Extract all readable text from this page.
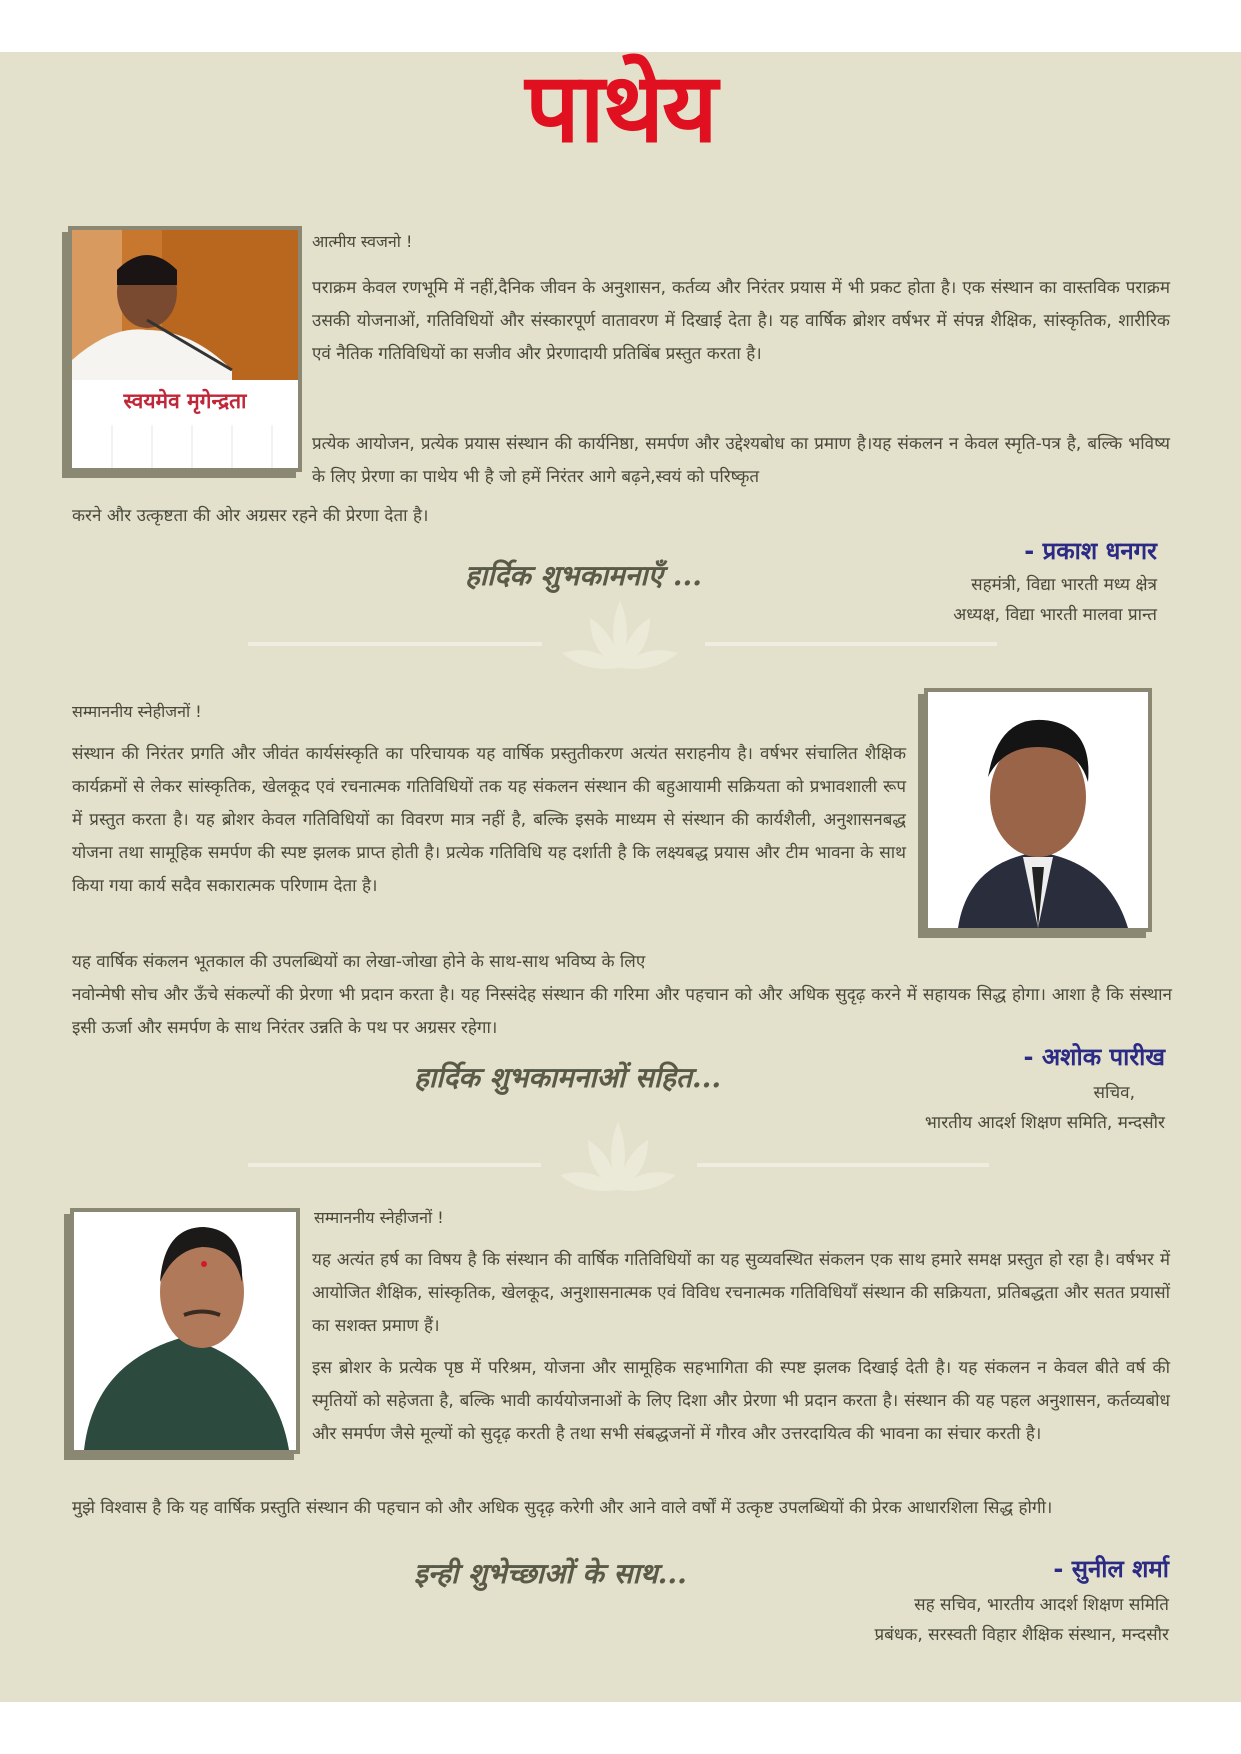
पाथेय
स्वयमेव मृगेन्द्रता
आत्मीय स्वजनो !
पराक्रम केवल रणभूमि में नहीं,दैनिक जीवन के अनुशासन, कर्तव्य और निरंतर प्रयास में भी प्रकट होता है। एक संस्थान का वास्तविक पराक्रम उसकी योजनाओं, गतिविधियों और संस्कारपूर्ण वातावरण में दिखाई देता है। यह वार्षिक ब्रोशर वर्षभर में संपन्न शैक्षिक, सांस्कृतिक, शारीरिक एवं नैतिक गतिविधियों का सजीव और प्रेरणादायी प्रतिबिंब प्रस्तुत करता है।
प्रत्येक आयोजन, प्रत्येक प्रयास संस्थान की कार्यनिष्ठा, समर्पण और उद्देश्यबोध का प्रमाण है।यह संकलन न केवल स्मृति-पत्र है, बल्कि भविष्य के लिए प्रेरणा का पाथेय भी है जो हमें निरंतर आगे बढ़ने,स्वयं को परिष्कृत
करने और उत्कृष्टता की ओर अग्रसर रहने की प्रेरणा देता है।
हार्दिक शुभकामनाएँ ...
- प्रकाश धनगर
सहमंत्री, विद्या भारती मध्य क्षेत्र
अध्यक्ष, विद्या भारती मालवा प्रान्त
सम्माननीय स्नेहीजनों !
संस्थान की निरंतर प्रगति और जीवंत कार्यसंस्कृति का परिचायक यह वार्षिक प्रस्तुतीकरण अत्यंत सराहनीय है। वर्षभर संचालित शैक्षिक कार्यक्रमों से लेकर सांस्कृतिक, खेलकूद एवं रचनात्मक गतिविधियों तक यह संकलन संस्थान की बहुआयामी सक्रियता को प्रभावशाली रूप में प्रस्तुत करता है। यह ब्रोशर केवल गतिविधियों का विवरण मात्र नहीं है, बल्कि इसके माध्यम से संस्थान की कार्यशैली, अनुशासनबद्ध योजना तथा सामूहिक समर्पण की स्पष्ट झलक प्राप्त होती है। प्रत्येक गतिविधि यह दर्शाती है कि लक्ष्यबद्ध प्रयास और टीम भावना के साथ किया गया कार्य सदैव सकारात्मक परिणाम देता है।
यह वार्षिक संकलन भूतकाल की उपलब्धियों का लेखा-जोखा होने के साथ-साथ भविष्य के लिए
नवोन्मेषी सोच और ऊँचे संकल्पों की प्रेरणा भी प्रदान करता है। यह निस्संदेह संस्थान की गरिमा और पहचान को और अधिक सुदृढ़ करने में सहायक सिद्ध होगा। आशा है कि संस्थान इसी ऊर्जा और समर्पण के साथ निरंतर उन्नति के पथ पर अग्रसर रहेगा।
हार्दिक शुभकामनाओं सहित...
- अशोक पारीख
सचिव,
भारतीय आदर्श शिक्षण समिति, मन्दसौर
सम्माननीय स्नेहीजनों !
यह अत्यंत हर्ष का विषय है कि संस्थान की वार्षिक गतिविधियों का यह सुव्यवस्थित संकलन एक साथ हमारे समक्ष प्रस्तुत हो रहा है। वर्षभर में आयोजित शैक्षिक, सांस्कृतिक, खेलकूद, अनुशासनात्मक एवं विविध रचनात्मक गतिविधियाँ संस्थान की सक्रियता, प्रतिबद्धता और सतत प्रयासों का सशक्त प्रमाण हैं।
इस ब्रोशर के प्रत्येक पृष्ठ में परिश्रम, योजना और सामूहिक सहभागिता की स्पष्ट झलक दिखाई देती है। यह संकलन न केवल बीते वर्ष की स्मृतियों को सहेजता है, बल्कि भावी कार्ययोजनाओं के लिए दिशा और प्रेरणा भी प्रदान करता है। संस्थान की यह पहल अनुशासन, कर्तव्यबोध और समर्पण जैसे मूल्यों को सुदृढ़ करती है तथा सभी संबद्धजनों में गौरव और उत्तरदायित्व की भावना का संचार करती है।
मुझे विश्वास है कि यह वार्षिक प्रस्तुति संस्थान की पहचान को और अधिक सुदृढ़ करेगी और आने वाले वर्षों में उत्कृष्ट उपलब्धियों की प्रेरक आधारशिला सिद्ध होगी।
इन्ही शुभेच्छाओं के साथ...	- सुनील शर्मा
सह सचिव, भारतीय आदर्श शिक्षण समिति
प्रबंधक, सरस्वती विहार शैक्षिक संस्थान, मन्दसौर
